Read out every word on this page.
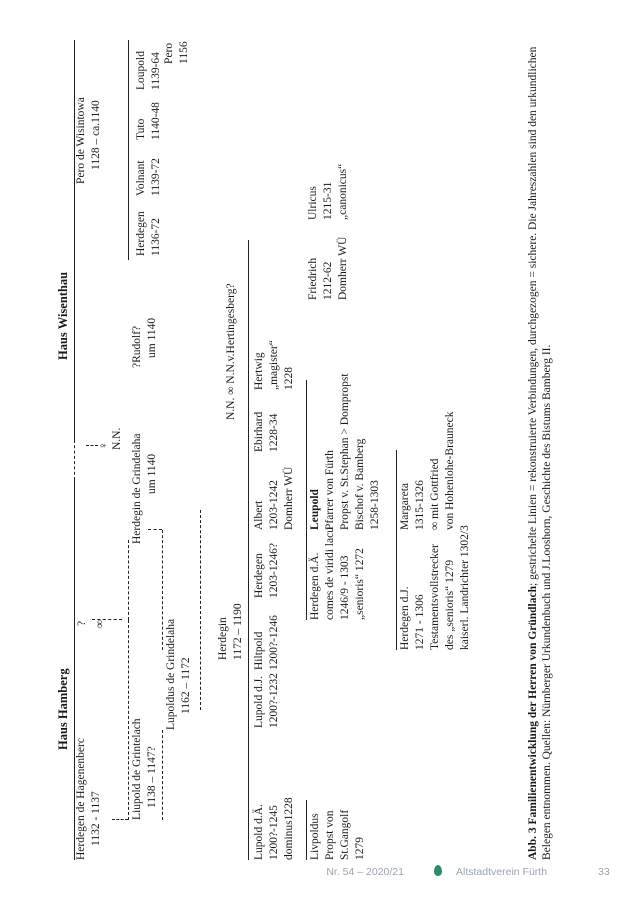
Haus Hamberg
Haus Wisenthau
Herdegen de Hagenenberc 1132 - 1137
∞
?
♀ N.N.
Pero de Wisintowa 1128 – ca.1140
Liupold de Grintelach 1138 – 1147?
Herdegin de Grindelaha um 1140
?Rudolf? um 1140
Herdegen 1136-72
Volnant 1139-72
Tuto 1140-48
Loupold 1139-64 Pero 1156
Lupoldus de Grindelaha 1162 – 1172
N.N. ∞ N.N.v.Hertingesberg?
Herdegin 1172 – 1190
Lupold d.Ä. 1200?-1245 dominus1228
Lupold d.J. 1200?-1232
Hiltpold 1200?-1246
Herdegen 1203-1246?
Albert 1203-1242 Domherr WÜ
Ebirhard 1228-34
Hertwig „magister“ 1228
Friedrich 1212-62 Domherr WÜ
Ulricus 1215-31 „canonicus“
Livpoldus Propst von St.Gangolf 1279
Herdegen d.Ä. comes de viridi lacu 1246/9 - 1303 „senioris“ 1272
Leupold Pfarrer von Fürth Propst v. St.Stephan > Dompropst Bischof v. Bamberg 1258-1303
Herdegen d.J. 1271 - 1306 Testamentsvollstrecker des „senioris“ 1279 kaiserl. Landrichter 1302/3
Margareta 1315-1326 ∞ mit Gottfried von Hohenlohe-Brauneck
Abb. 3 Familienentwicklung der Herren von Gründlach; gestrichelte Linien = rekonstruierte Verbindungen, durchgezogen = sichere. Die Jahreszahlen sind den urkundlichen Belegen entnommen. Quellen: Nürnberger Urkundenbuch und J.Looshorn, Geschichte des Bistums Bamberg II.
Nr. 54 – 2020/21	Altstadtverein Fürth	33
